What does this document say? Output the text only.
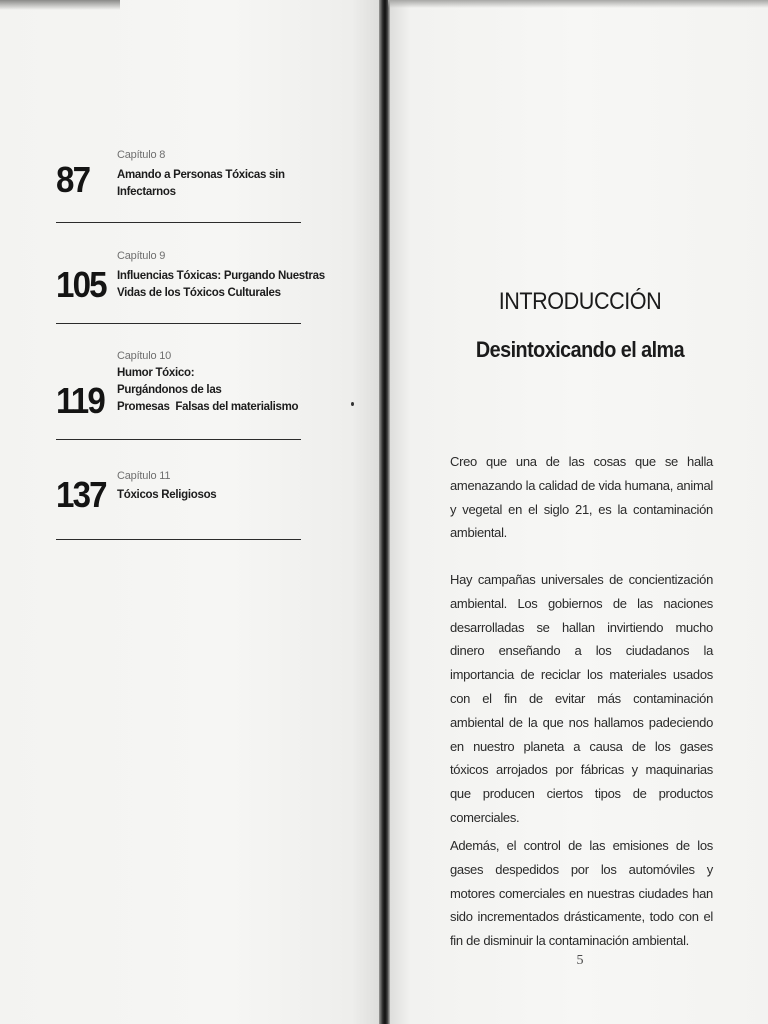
87
Capítulo 8
Amando a Personas Tóxicas sin
Infectarnos
105
Capítulo 9
Influencias Tóxicas: Purgando Nuestras
Vidas de los Tóxicos Culturales
119
Capítulo 10
Humor Tóxico:
Purgándonos de las
Promesas  Falsas del materialismo
137 Capítulo 11
Tóxicos Religiosos
INTRODUCCIÓN
Desintoxicando el alma

Creo que una de las cosas que se halla amenazando la calidad de vida humana, animal y vegetal en el siglo 21, es la contaminación ambiental.

Hay campañas universales de concientización ambiental. Los gobiernos de las naciones desarrolladas se hallan invirtiendo mucho dinero enseñando a los ciudadanos la importancia de reciclar los materiales usados con el fin de evitar más contaminación ambiental de la que nos hallamos padeciendo en nuestro planeta a causa de los gases tóxicos arrojados por fábricas y maquinarias que producen ciertos tipos de productos comerciales.

Además, el control de las emisiones de los gases despedidos por los automóviles y motores comerciales en nuestras ciudades han sido incrementados drásticamente, todo con el fin de disminuir la contaminación ambiental.

5
